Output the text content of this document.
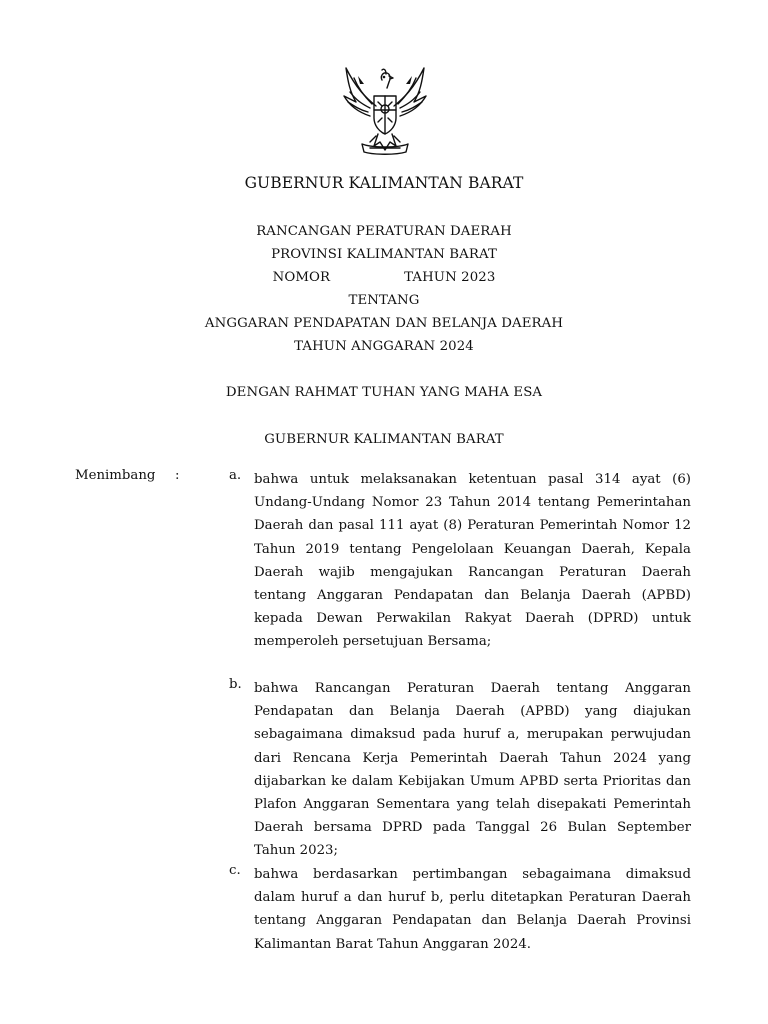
GUBERNUR KALIMANTAN BARAT
RANCANGAN PERATURAN DAERAH
PROVINSI KALIMANTAN BARAT
NOMOR	TAHUN 2023
TENTANG
ANGGARAN PENDAPATAN DAN BELANJA DAERAH
TAHUN ANGGARAN 2024
DENGAN RAHMAT TUHAN YANG MAHA ESA
GUBERNUR KALIMANTAN BARAT
Menimbang :	a. bahwa untuk melaksanakan ketentuan pasal 314 ayat (6) Undang-Undang Nomor 23 Tahun 2014 tentang Pemerintahan Daerah dan pasal 111 ayat (8) Peraturan Pemerintah Nomor 12 Tahun 2019 tentang Pengelolaan Keuangan Daerah, Kepala Daerah wajib mengajukan Rancangan Peraturan Daerah tentang Anggaran Pendapatan dan Belanja Daerah (APBD) kepada Dewan Perwakilan Rakyat Daerah (DPRD) untuk memperoleh persetujuan Bersama;
b. bahwa Rancangan Peraturan Daerah tentang Anggaran Pendapatan dan Belanja Daerah (APBD) yang diajukan sebagaimana dimaksud pada huruf a, merupakan perwujudan dari Rencana Kerja Pemerintah Daerah Tahun 2024 yang dijabarkan ke dalam Kebijakan Umum APBD serta Prioritas dan Plafon Anggaran Sementara yang telah disepakati Pemerintah Daerah bersama DPRD pada Tanggal 26 Bulan September Tahun 2023;
c. bahwa berdasarkan pertimbangan sebagaimana dimaksud dalam huruf a dan huruf b, perlu ditetapkan Peraturan Daerah tentang Anggaran Pendapatan dan Belanja Daerah Provinsi Kalimantan Barat Tahun Anggaran 2024.
